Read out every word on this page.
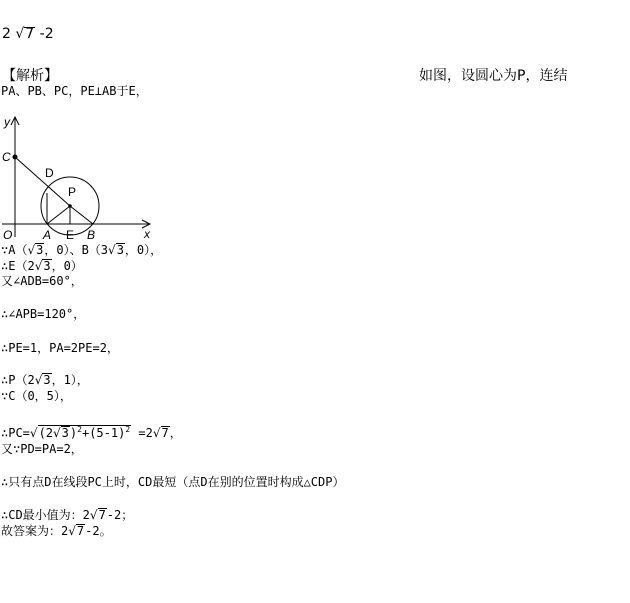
2 √7 -2
【解析】	如图，设圆心为P，连结
PA、PB、PC，PE⊥AB于E，
y
x
O
C
D
P
A E B
∵A（√3，0）、B（3√3，0），
∴E（2√3，0）
又∠ADB=60°，
∴∠APB=120°，
∴PE=1，PA=2PE=2，
∴P（2√3，1），
∵C（0，5），
$\therefore PC=√(2√3)^2+(5-1)^2 =2√7$，
又∵PD=PA=2，
∴只有点D在线段PC上时，CD最短（点D在别的位置时构成△CDP）
∴CD最小值为：2√7-2；
故答案为：2√7-2。
